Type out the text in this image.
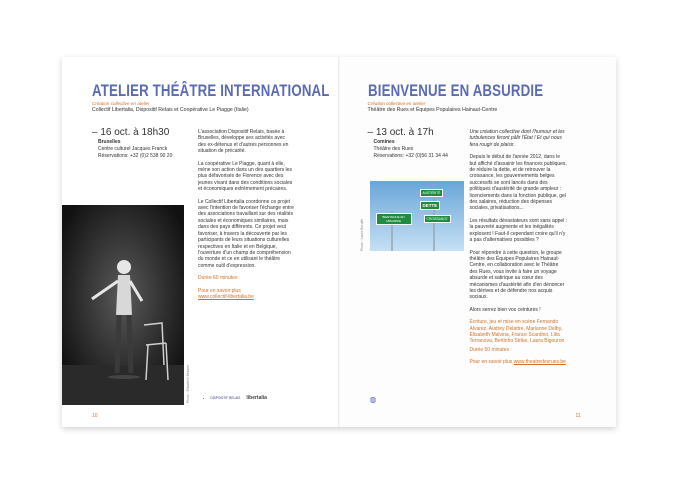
ATELIER THÉÂTRE INTERNATIONAL
Création collective en atelier
Collectif Libertalia, Dispositif Relais et Coopérative Le Piagge (Italie)
– 16 oct. à 18h30
Bruxelles
Centre culturel Jacques Franck
Réservations: +32 (0)2 538 90 20
Photo : Elisabeth Bekaert

L'association Dispositif Relais, basée à Bruxelles, développe ses activités avec des ex-détenus et d'autres personnes en situation de précarité.

La coopérative Le Piagge, quant à elle, mène son action dans un des quartiers les plus défavorisés de Florence avec des jeunes vivant dans des conditions sociales et économiques extrêmement précaires.

Le Collectif Libertalia coordonne ce projet avec l'intention de favoriser l'échange entre des associations travaillant sur des réalités sociales et économiques similaires, mais dans des pays différents. Ce projet veut favoriser, à travers la découverte par les participants de leurs situations culturelles respectives en Italie et en Belgique, l'ouverture d'un champ de compréhension du monde et ce en utilisant le théâtre comme outil d'expression.

Durée 60 minutes

Pour en savoir plus
www.collectif-libertalia.be
◔ DISPOSITIF RELAIS libertalia
10
BIENVENUE EN ABSURDIE
Création collective en atelier
Théâtre des Rues et Équipes Populaires Hainaut-Centre
– 13 oct. à 17h
Comines
Théâtre des Rues
Réservations: +32 (0)56 31 34 44
AUSTÉRITÉ
DETTE
CROISSANCE
BIENVENUE EN ABSURDIE
Photo : Laure Bonafé

Une création collective dont l'humour et les turbulences feront pâlir l'État ! Et qui nous fera rougir de plaisir.

Depuis le début de l'année 2012, dans le but affiché d'assainir les finances publiques, de réduire la dette, et de retrouver la croissance, les gouvernements belges successifs se sont lancés dans des politiques d'austérité de grande ampleur : licenciements dans la fonction publique, gel des salaires, réduction des dépenses sociales, privatisations...

Les résultats dévastateurs sont sans appel : la pauvreté augmente et les inégalités explosent ! Faut-il cependant croire qu'il n'y a pas d'alternatives possibles ?

Pour répondre à cette question, le groupe théâtre des Équipes Populaires Hainaut-Centre, en collaboration avec le Théâtre des Rues, vous invite à faire un voyage absurde et satirique au cœur des mécanismes d'austérité afin d'en dénoncer les dérives et de défendre nos acquis sociaux.

Alors serrez bien vos ceintures !

Écriture, jeu et mise en scène Fernando Alvarez, Audrey Delattre, Marianne Delby, Elisabeth Malvina, France Scardino, Lilia Terranova, Bertinho Strike, Laura Bigouron

Durée 50 minutes

Pour en savoir plus www.theatredesrues.be
◍
11
